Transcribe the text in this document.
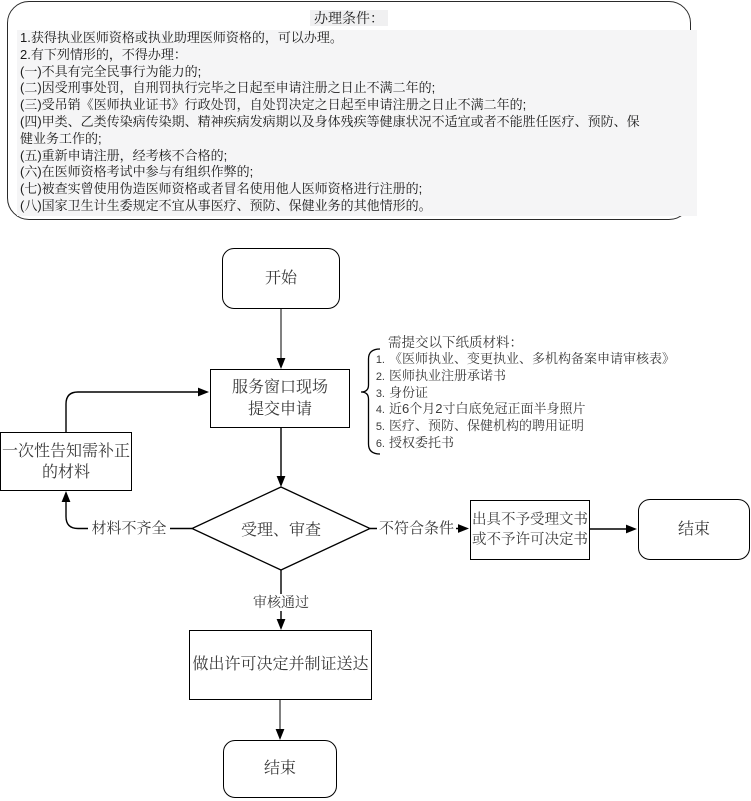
办理条件：
1.获得执业医师资格或执业助理医师资格的，可以办理。
2.有下列情形的，不得办理：
(一)不具有完全民事行为能力的;
(二)因受刑事处罚，自刑罚执行完毕之日起至申请注册之日止不满二年的;
(三)受吊销《医师执业证书》行政处罚，自处罚决定之日起至申请注册之日止不满二年的;
(四)甲类、乙类传染病传染期、精神疾病发病期以及身体残疾等健康状况不适宜或者不能胜任医疗、预防、保
健业务工作的;
(五)重新申请注册，经考核不合格的;
(六)在医师资格考试中参与有组织作弊的;
(七)被查实曾使用伪造医师资格或者冒名使用他人医师资格进行注册的;
(八)国家卫生计生委规定不宜从事医疗、预防、保健业务的其他情形的。
开始
服务窗口现场
提交申请
一次性告知需补正
的材料
受理、审查
出具不予受理文书
或不予许可决定书
结束
做出许可决定并制证送达
结束
材料不齐全	不符合条件
审核通过
需提交以下纸质材料：
1. 《医师执业、变更执业、多机构备案申请审核表》
2. 医师执业注册承诺书
3. 身份证
4. 近6个月2寸白底免冠正面半身照片
5. 医疗、预防、保健机构的聘用证明
6. 授权委托书
